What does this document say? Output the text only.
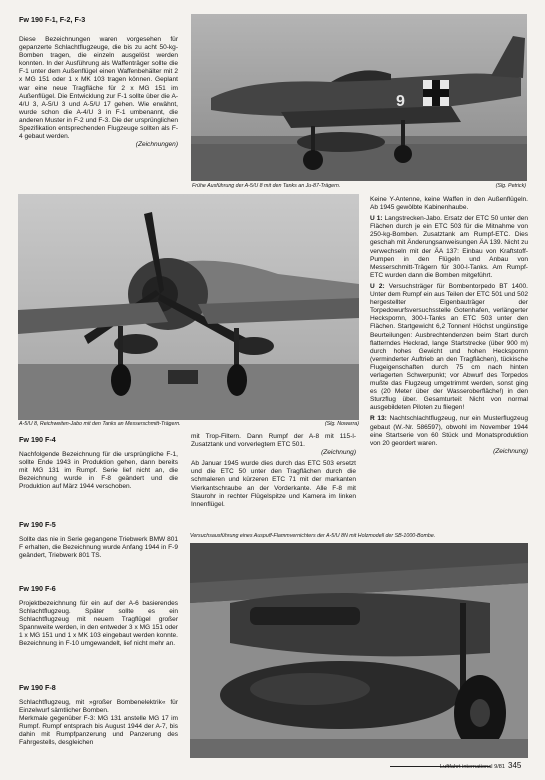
Fw 190 F-1, F-2, F-3

Diese Bezeichnungen waren vorgesehen für gepanzerte Schlachtflugzeuge, die bis zu acht 50-kg-Bomben tragen, die einzeln ausgelöst werden konnten. In der Ausführung als Waffenträger sollte die F-1 unter dem Außenflügel einen Waffenbehälter mit 2 x MG 151 oder 1 x MK 103 tragen können. Geplant war eine neue Tragfläche für 2 x MG 151 im Außenflügel. Die Entwicklung zur F-1 sollte über die A-4/U 3, A-5/U 3 und A-5/U 17 gehen. Wie erwähnt, wurde schon die A-4/U 3 in F-1 umbenannt, die anderen Muster in F-2 und F-3. Die der ursprünglichen Spezifikation entsprechenden Flugzeuge sollten als F-4 gebaut werden.

(Zeichnungen)

9
Frühe Ausführung der A-5/U 8 mit den Tanks an Ju-87-Trägern.	(Slg. Petrick)
A-5/U 8, Reichweiten-Jabo mit den Tanks an Messerschmitt-Trägern.	(Slg. Nowarra)
Fw 190 F-4
Nachfolgende Bezeichnung für die ursprüngliche F-1, sollte Ende 1943 in Produktion gehen, dann bereits mit MG 131 im Rumpf. Serie lief nicht an, die Bezeichnung wurde in F-8 geändert und die Produktion auf März 1944 verschoben.
Fw 190 F-5
Sollte das nie in Serie gegangene Triebwerk BMW 801 F erhalten, die Bezeichnung wurde Anfang 1944 in F-9 geändert, Triebwerk 801 TS.
Fw 190 F-6
Projektbezeichnung für ein auf der A-6 basierendes Schlachtflugzeug. Später sollte es ein Schlachtflugzeug mit neuem Tragflügel großer Spannweite werden, in den entweder 3 x MG 151 oder 1 x MG 151 und 1 x MK 103 eingebaut werden konnte. Bezeichnung in F-10 umgewandelt, lief nicht mehr an.
Fw 190 F-8

Schlachtflugzeug, mit »großer Bombenelektrik« für Einzelwurf sämtlicher Bomben.

Merkmale gegenüber F-3: MG 131 anstelle MG 17 im Rumpf. Rumpf entsprach bis August 1944 der A-7, bis dahin mit Rumpfpanzerung und Panzerung des Fahrgestells, desgleichen

mit Trop-Filtern. Dann Rumpf der A-8 mit 115-l-Zusatztank und vorverlegtem ETC 501.

(Zeichnung)

Ab Januar 1945 wurde dies durch das ETC 503 ersetzt und die ETC 50 unter den Tragflächen durch die schmaleren und kürzeren ETC 71 mit der markanten Vierkantschraube an der Vorderkante. Alle F-8 mit Staurohr in rechter Flügelspitze und Kamera im linken Innenflügel.

Keine Y-Antenne, keine Waffen in den Außenflügeln. Ab 1945 gewölbte Kabinenhaube.

U 1: Langstrecken-Jabo. Ersatz der ETC 50 unter den Flächen durch je ein ETC 503 für die Mitnahme von 250-kg-Bomben. Zusatztank am Rumpf-ETC. Dies geschah mit Änderungsanweisungen ÄA 139. Nicht zu verwechseln mit der ÄA 137: Einbau von Kraftstoff-Pumpen in den Flügeln und Anbau von Messerschmitt-Trägern für 300-l-Tanks. Am Rumpf-ETC wurden dann die Bomben mitgeführt.

U 2: Versuchsträger für Bombentorpedo BT 1400. Unter dem Rumpf ein aus Teilen der ETC 501 und 502 hergestellter Eigenbauträger der Torpedowurfsversuchsstelle Gotenhafen, verlängerter Heckspornn, 300-l-Tanks an ETC 503 unter den Flächen. Startgewicht 6,2 Tonnen! Höchst ungünstige Beurteilungen: Ausbrechtendenzen beim Start durch flatterndes Heckrad, lange Startstrecke (über 900 m) durch hohes Gewicht und hohen Heckspornn (verminderter Auftrieb an den Tragflächen), tückische Flugeigenschaften durch 75 cm nach hinten verlagerten Schwerpunkt; vor Abwurf des Torpedos mußte das Flugzeug umgetrimmt werden, sonst ging es (20 Meter über der Wasseroberfläche!) in den Sturzflug über. Gesamturteil: Nicht von normal ausgebildeten Piloten zu fliegen!

R 13: Nachtschlachtflugzeug, nur ein Musterflugzeug gebaut (W.-Nr. 586597), obwohl im November 1944 eine Startserie von 60 Stück und Monatsproduktion von 20 geordert waren.

(Zeichnung)

Versuchsausführung eines Auspuff-Flammvernichters der A-5/U 8N mit Holzmodell der SB-1000-Bombe.
Luftfahrt international 9/81 345
